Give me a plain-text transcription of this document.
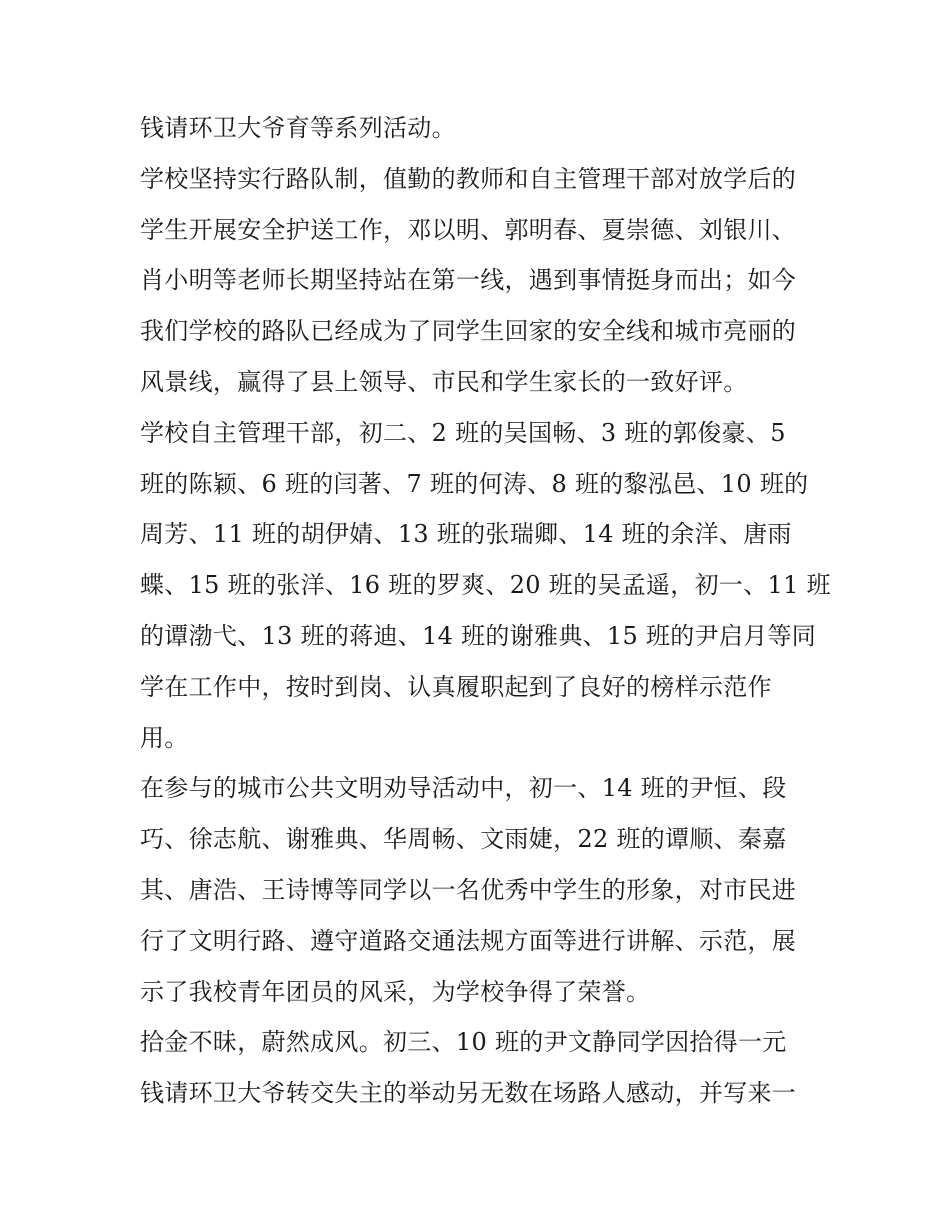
钱请环卫大爷育等系列活动。
学校坚持实行路队制，值勤的教师和自主管理干部对放学后的
学生开展安全护送工作，邓以明、郭明春、夏崇德、刘银川、
肖小明等老师长期坚持站在第一线，遇到事情挺身而出；如今
我们学校的路队已经成为了同学生回家的安全线和城市亮丽的
风景线，赢得了县上领导、市民和学生家长的一致好评。
学校自主管理干部，初二、2 班的吴国畅、3 班的郭俊豪、5
班的陈颖、6 班的闫著、7 班的何涛、8 班的黎泓邑、10 班的
周芳、11 班的胡伊婧、13 班的张瑞卿、14 班的余洋、唐雨
蝶、15 班的张洋、16 班的罗爽、20 班的吴孟遥，初一、11 班
的谭渤弋、13 班的蒋迪、14 班的谢雅典、15 班的尹启月等同
学在工作中，按时到岗、认真履职起到了良好的榜样示范作
用。
在参与的城市公共文明劝导活动中，初一、14 班的尹恒、段
巧、徐志航、谢雅典、华周畅、文雨婕，22 班的谭顺、秦嘉
其、唐浩、王诗博等同学以一名优秀中学生的形象，对市民进
行了文明行路、遵守道路交通法规方面等进行讲解、示范，展
示了我校青年团员的风采，为学校争得了荣誉。
拾金不昧，蔚然成风。初三、10 班的尹文静同学因拾得一元
钱请环卫大爷转交失主的举动另无数在场路人感动，并写来一
